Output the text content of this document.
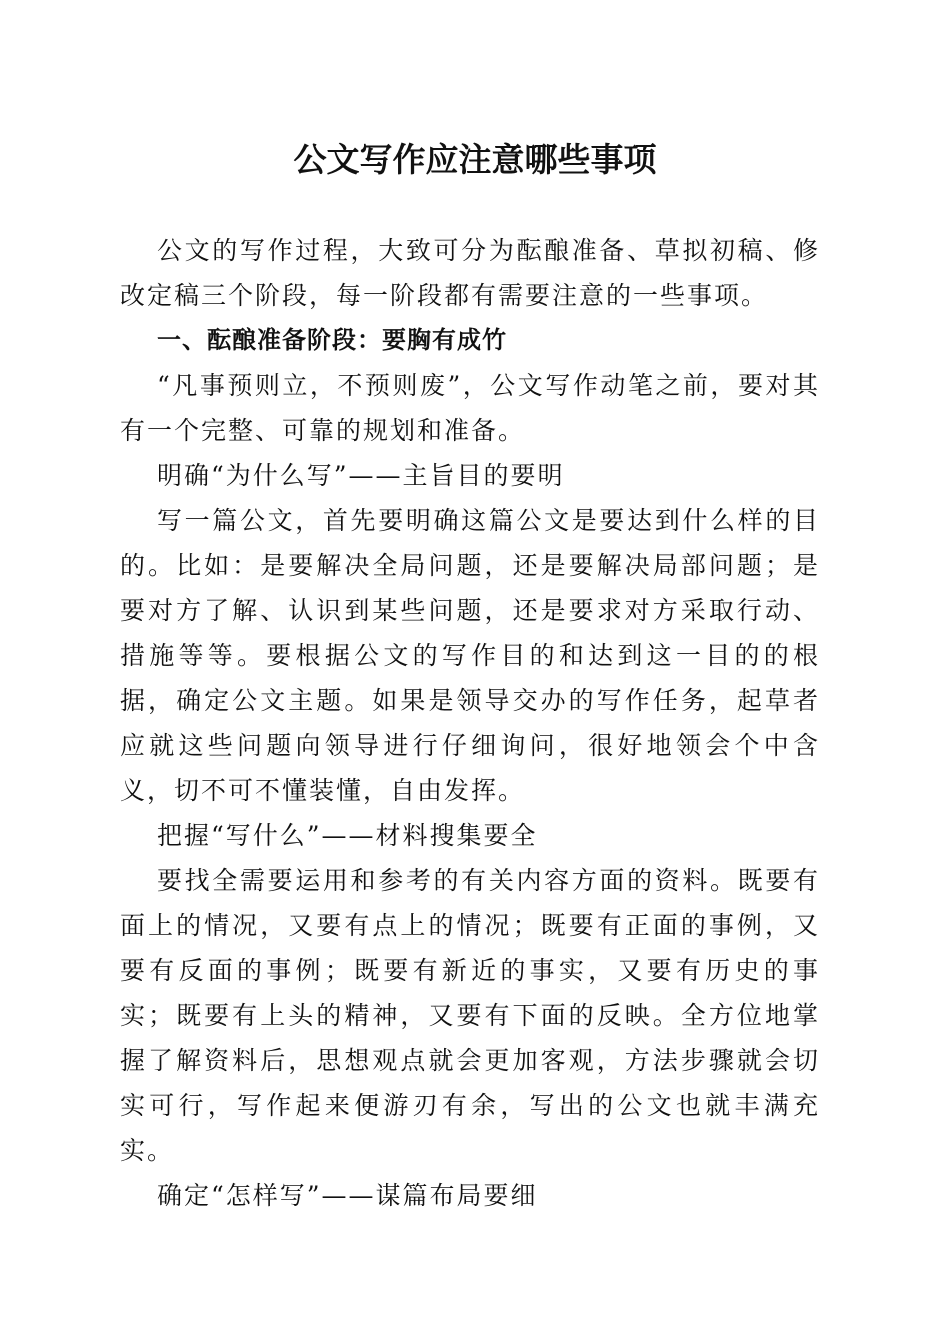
公文写作应注意哪些事项

公文的写作过程，大致可分为酝酿准备、草拟初稿、修改定稿三个阶段，每一阶段都有需要注意的一些事项。

一、酝酿准备阶段：要胸有成竹

“凡事预则立，不预则废”，公文写作动笔之前，要对其有一个完整、可靠的规划和准备。

明确“为什么写”——主旨目的要明

写一篇公文，首先要明确这篇公文是要达到什么样的目的。比如：是要解决全局问题，还是要解决局部问题；是要对方了解、认识到某些问题，还是要求对方采取行动、措施等等。要根据公文的写作目的和达到这一目的的根据，确定公文主题。如果是领导交办的写作任务，起草者应就这些问题向领导进行仔细询问，很好地领会个中含义，切不可不懂装懂，自由发挥。

把握“写什么”——材料搜集要全

要找全需要运用和参考的有关内容方面的资料。既要有面上的情况，又要有点上的情况；既要有正面的事例，又要有反面的事例；既要有新近的事实，又要有历史的事实；既要有上头的精神，又要有下面的反映。全方位地掌握了解资料后，思想观点就会更加客观，方法步骤就会切实可行，写作起来便游刃有余，写出的公文也就丰满充实。

确定“怎样写”——谋篇布局要细
